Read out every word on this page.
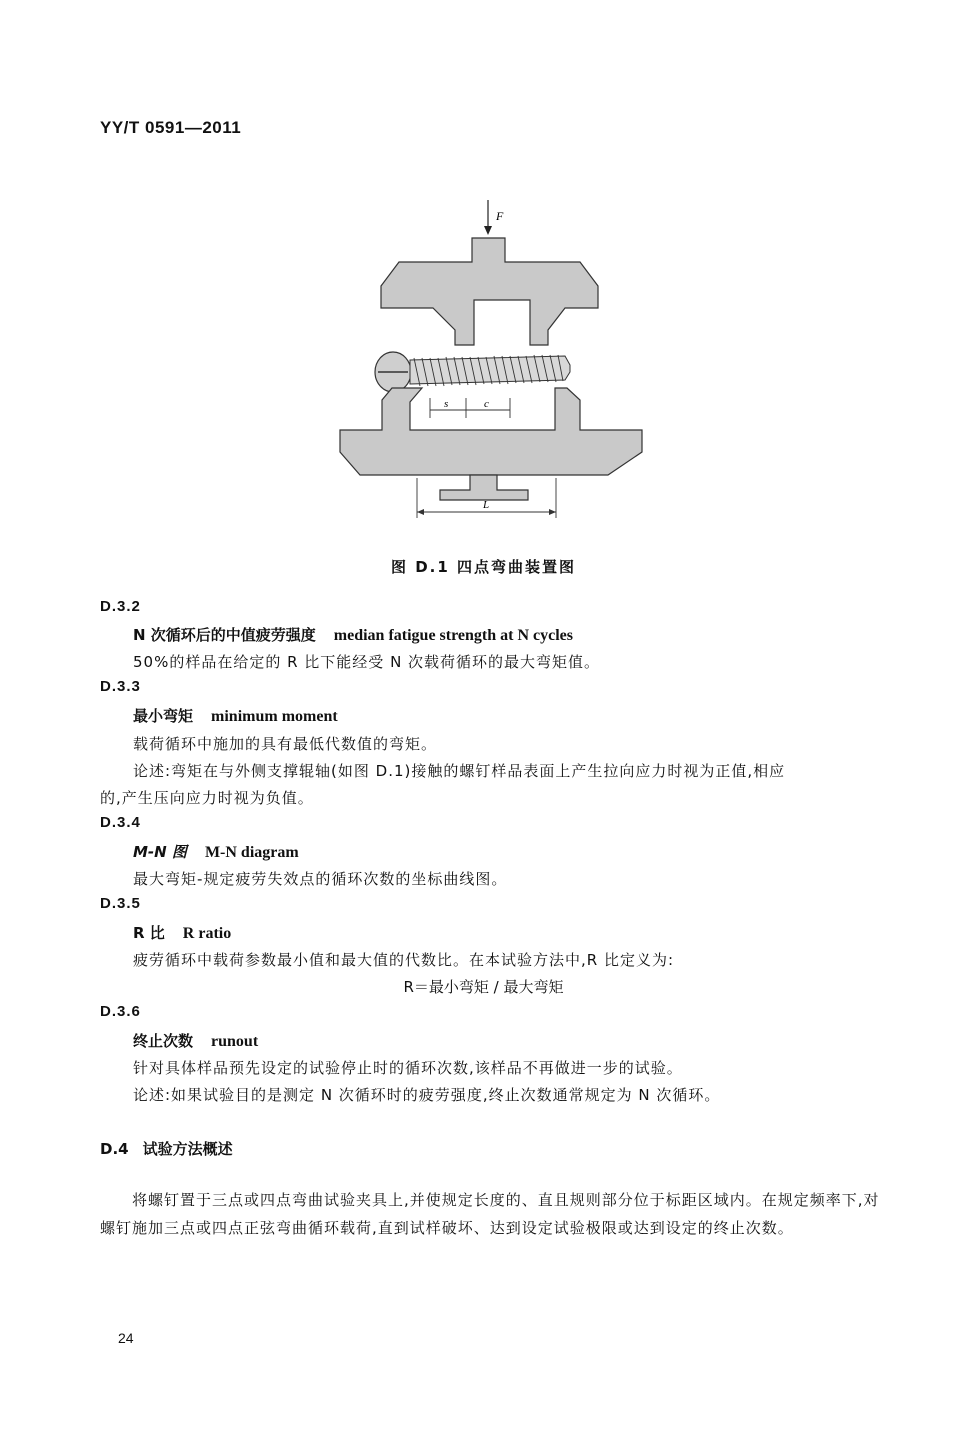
YY/T 0591—2011
F
s	c
L
图 D.1 四点弯曲装置图
D.3.2
N 次循环后的中值疲劳强度 median fatigue strength at N cycles
50%的样品在给定的 R 比下能经受 N 次载荷循环的最大弯矩值。
D.3.3
最小弯矩 minimum moment
载荷循环中施加的具有最低代数值的弯矩。
论述:弯矩在与外侧支撑辊轴(如图 D.1)接触的螺钉样品表面上产生拉向应力时视为正值,相应
的,产生压向应力时视为负值。
D.3.4
M-N 图 M-N diagram
最大弯矩-规定疲劳失效点的循环次数的坐标曲线图。
D.3.5
R 比 R ratio
疲劳循环中载荷参数最小值和最大值的代数比。在本试验方法中,R 比定义为:
R＝最小弯矩 / 最大弯矩
D.3.6
终止次数 runout
针对具体样品预先设定的试验停止时的循环次数,该样品不再做进一步的试验。
论述:如果试验目的是测定 N 次循环时的疲劳强度,终止次数通常规定为 N 次循环。
D.4 试验方法概述
将螺钉置于三点或四点弯曲试验夹具上,并使规定长度的、直且规则部分位于标距区域内。在规定频率下,对螺钉施加三点或四点正弦弯曲循环载荷,直到试样破坏、达到设定试验极限或达到设定的终止次数。
24
